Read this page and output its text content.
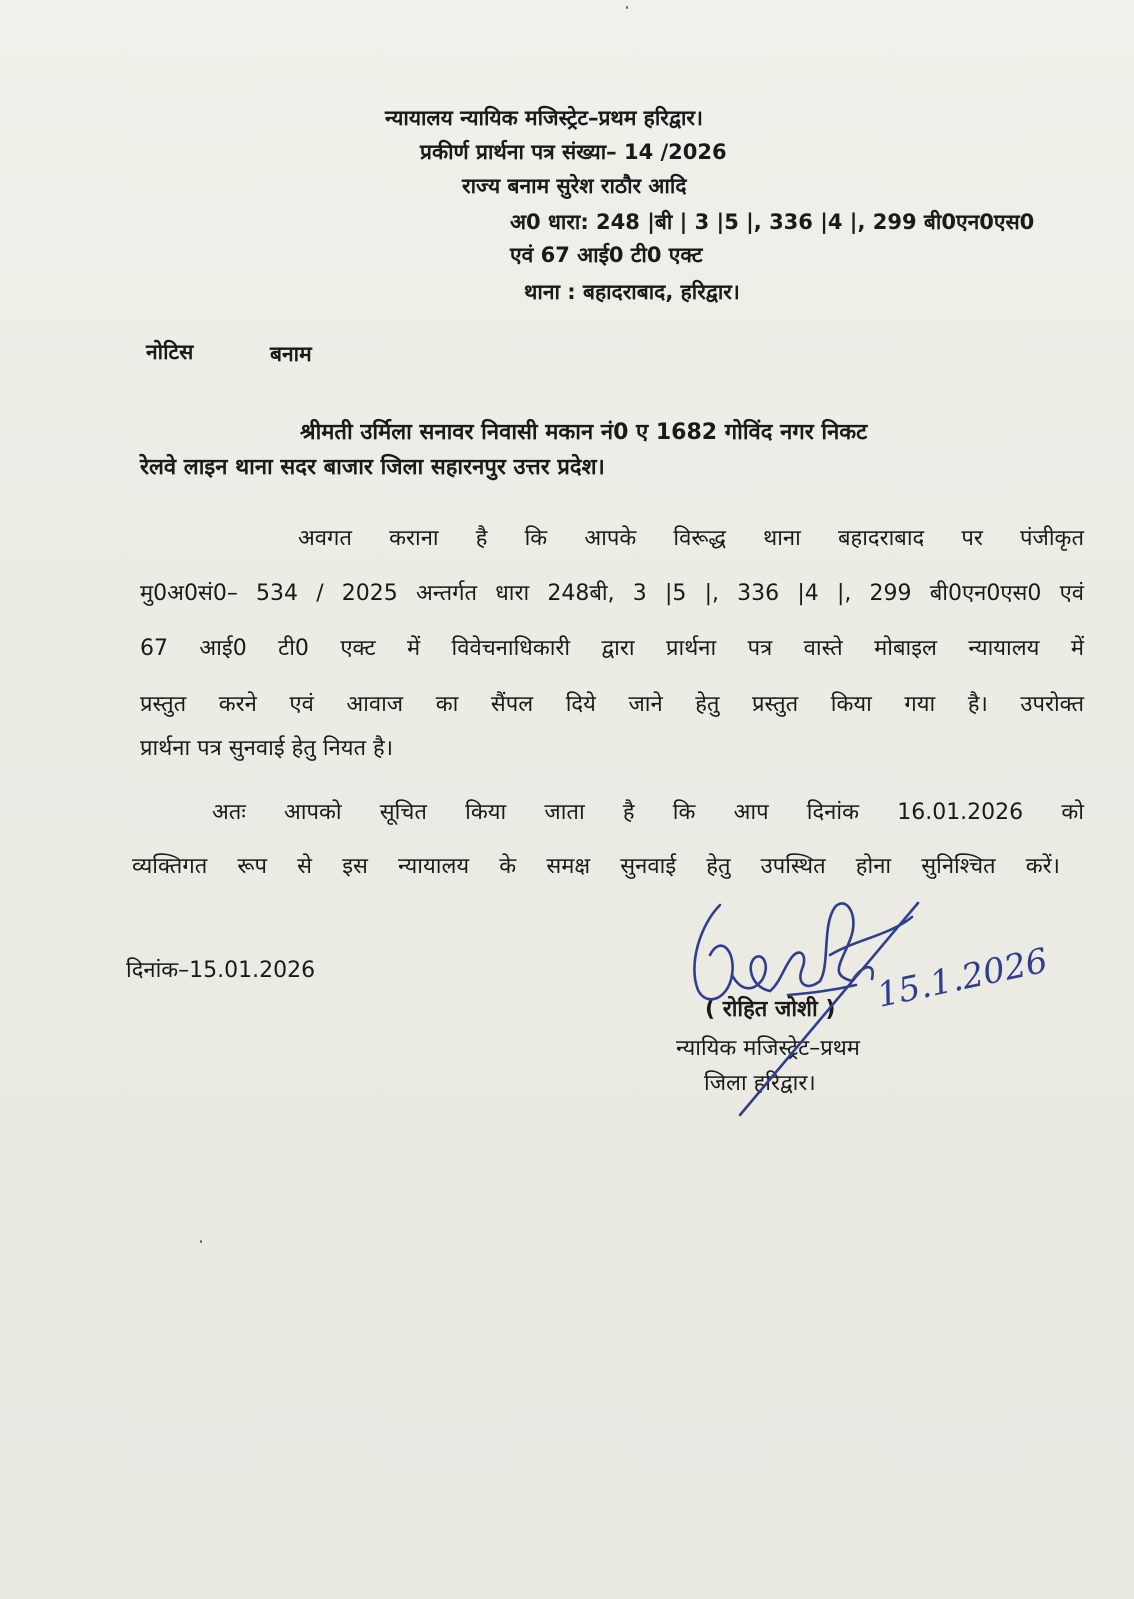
न्यायालय न्यायिक मजिस्ट्रेट–प्रथम हरिद्वार।
प्रकीर्ण प्रार्थना पत्र संख्या– 14 /2026
राज्य बनाम सुरेश राठौर आदि
अ0 धारा: 248 |बी | 3 |5 |, 336 |4 |, 299 बी0एन0एस0
एवं 67 आई0 टी0 एक्ट
थाना : बहादराबाद, हरिद्वार।
नोटिस	बनाम
श्रीमती उर्मिला सनावर निवासी मकान नं0 ए 1682 गोविंद नगर निकट
रेलवे लाइन थाना सदर बाजार जिला सहारनपुर उत्तर प्रदेश।
अवगत कराना है कि आपके विरूद्ध थाना बहादराबाद पर पंजीकृत
मु0अ0सं0– 534 / 2025 अन्तर्गत धारा 248बी, 3 |5 |, 336 |4 |, 299 बी0एन0एस0 एवं
67 आई0 टी0 एक्ट में विवेचनाधिकारी द्वारा प्रार्थना पत्र वास्ते मोबाइल न्यायालय में
प्रस्तुत करने एवं आवाज का सैंपल दिये जाने हेतु प्रस्तुत किया गया है। उपरोक्त
प्रार्थना पत्र सुनवाई हेतु नियत है।
अतः आपको सूचित किया जाता है कि आप दिनांक 16.01.2026 को
व्यक्तिगत रूप से इस न्यायालय के समक्ष सुनवाई हेतु उपस्थित होना सुनिश्चित करें।
दिनांक–15.01.2026
( रोहित जोशी )
न्यायिक मजिस्ट्रेट–प्रथम
जिला हरिद्वार।
15.1.2026
